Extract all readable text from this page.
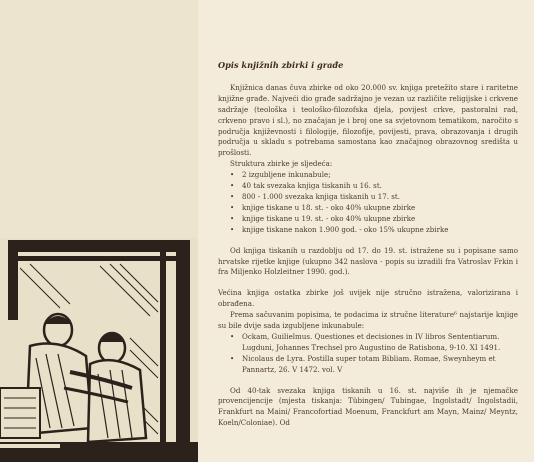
Opis knjižnih zbirki i građe

Knjižnica danas čuva zbirke od oko 20.000 sv. knjiga pretežito stare i raritetne knjižne građe. Najveći dio građe sadržajno je vezan uz različite religijske i crkvene sadržaje (teološka i teološko-filozofska djela, povijest crkve, pastoralni rad, crkveno pravo i sl.), no značajan je i broj one sa svjetovnom tematikom, naročito s područja književnosti i filologije, filozofije, povijesti, prava, obrazovanja i drugih područja u skladu s potrebama samostana kao značajnog obrazovnog središta u prošlosti.

Struktura zbirke je sljedeća:

• 2 izgubljene inkunabule;
• 40 tak svezaka knjiga tiskanih u 16. st.
• 800 - 1.000 svezaka knjiga tiskanih u 17. st.
• knjige tiskane u 18. st. - oko 40% ukupne zbirke
• knjige tiskane u 19. st. - oko 40% ukupne zbirke
• knjige tiskane nakon 1.900 god. - oko 15% ukupne zbirke

Od knjiga tiskanih u razdoblju od 17. do 19. st. istražene su i popisane samo hrvatske rijetke knjige (ukupno 342 naslova - popis su izradili fra Vatroslav Frkin i fra Miljenko Holzleitner 1990. god.).

Većina knjiga ostatka zbirke još uvijek nije stručno istražena, valorizirana i obrađena.

Prema sačuvanim popisima, te podacima iz stručne literature⁶ najstarije knjige su bile dvije sada izgubljene inkunabule:

• Ockam, Guilielmus. Questiones et decisiones in IV libros Sententiarum. Lugduni, Johannes Trechsel pro Augustino de Ratisbona, 9-10. XI 1491.
• Nicolaus de Lyra. Postilla super totam Bibliam. Romae, Sweynheym et Pannartz, 26. V 1472. vol. V

Od 40-tak svezaka knjiga tiskanih u 16. st. najviše ih je njemačke provencijencije (mjesta tiskanja: Tübingen/ Tubingae, Ingolstadt/ Ingolstadii, Frankfurt na Maini/ Francofortiad Moenum, Franckfurt am Mayn, Mainz/ Meyntz, Koeln/Coloniae). Od
